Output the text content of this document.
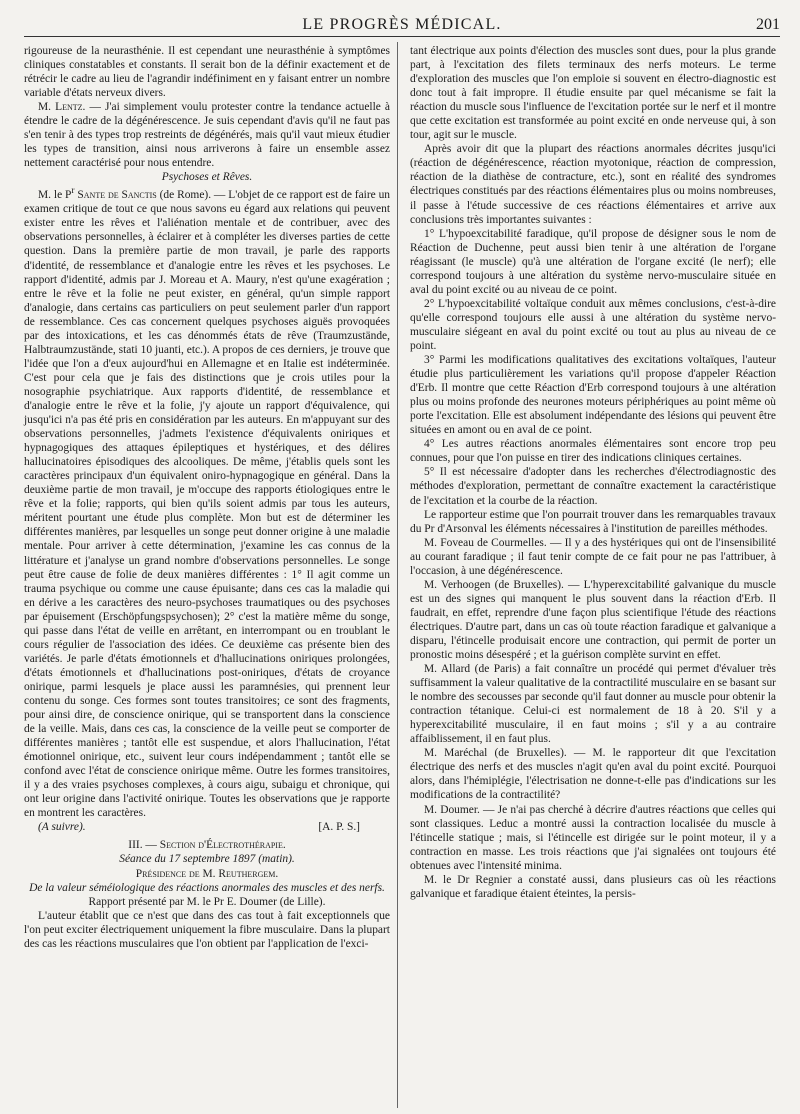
LE PROGRÈS MÉDICAL.	201

rigoureuse de la neurasthénie. Il est cependant une neurasthénie à symptômes cliniques constatables et constants. Il serait bon de la définir exactement et de rétrécir le cadre au lieu de l'agrandir indéfiniment en y faisant entrer un nombre variable d'états nerveux divers.

M. Lentz. — J'ai simplement voulu protester contre la tendance actuelle à étendre le cadre de la dégénérescence. Je suis cependant d'avis qu'il ne faut pas s'en tenir à des types trop restreints de dégénérés, mais qu'il vaut mieux étudier les types de transition, ainsi nous arriverons à faire un ensemble assez nettement caractérisé pour nous entendre.

Psychoses et Rêves.

M. le $P^r$ Sante de Sanctis (de Rome). — L'objet de ce rapport est de faire un examen critique de tout ce que nous savons eu égard aux relations qui peuvent exister entre les rêves et l'aliénation mentale et de contribuer, avec des observations personnelles, à éclairer et à compléter les diverses parties de cette question. Dans la première partie de mon travail, je parle des rapports d'identité, de ressemblance et d'analogie entre les rêves et les psychoses. Le rapport d'identité, admis par J. Moreau et A. Maury, n'est qu'une exagération ; entre le rêve et la folie ne peut exister, en général, qu'un simple rapport d'analogie, dans certains cas particuliers on peut seulement parler d'un rapport de ressemblance. Ces cas concernent quelques psychoses aiguës provoquées par des intoxications, et les cas dénommés états de rêve (Traumzustände, Halbtraumzustände, stati 10 juanti, etc.). A propos de ces derniers, je trouve que l'idée que l'on a d'eux aujourd'hui en Allemagne et en Italie est indéterminée. C'est pour cela que je fais des distinctions que je crois utiles pour la nosographie psychiatrique. Aux rapports d'identité, de ressemblance et d'analogie entre le rêve et la folie, j'y ajoute un rapport d'équivalence, qui jusqu'ici n'a pas été pris en considération par les auteurs. En m'appuyant sur des observations personnelles, j'admets l'existence d'équivalents oniriques et hypnagogiques des attaques épileptiques et hystériques, et des délires hallucinatoires épisodiques des alcooliques. De même, j'établis quels sont les caractères principaux d'un équivalent oniro-hypnagogique en général. Dans la deuxième partie de mon travail, je m'occupe des rapports étiologiques entre le rêve et la folie; rapports, qui bien qu'ils soient admis par tous les auteurs, méritent pourtant une étude plus complète. Mon but est de déterminer les différentes manières, par lesquelles un songe peut donner origine à une maladie mentale. Pour arriver à cette détermination, j'examine les cas connus de la littérature et j'analyse un grand nombre d'observations personnelles. Le songe peut être cause de folie de deux manières différentes : 1° Il agit comme un trauma psychique ou comme une cause épuisante; dans ces cas la maladie qui en dérive a les caractères des neuro-psychoses traumatiques ou des psychoses par épuisement (Erschöpfungspsychosen); 2° c'est la matière même du songe, qui passe dans l'état de veille en arrêtant, en interrompant ou en troublant le cours régulier de l'association des idées. Ce deuxième cas présente bien des variétés. Je parle d'états émotionnels et d'hallucinations oniriques prolongées, d'états émotionnels et d'hallucinations post-oniriques, d'états de croyance onirique, parmi lesquels je place aussi les paramnésies, qui prennent leur contenu du songe. Ces formes sont toutes transitoires; ce sont des fragments, pour ainsi dire, de conscience onirique, qui se transportent dans la conscience de la veille. Mais, dans ces cas, la conscience de la veille peut se comporter de différentes manières ; tantôt elle est suspendue, et alors l'hallucination, l'état émotionnel onirique, etc., suivent leur cours indépendamment ; tantôt elle se confond avec l'état de conscience onirique même. Outre les formes transitoires, il y a des vraies psychoses complexes, à cours aigu, subaigu et chronique, qui ont leur origine dans l'activité onirique. Toutes les observations que je rapporte en montrent les caractères.

(A suivre).	[A. P. S.]

III. — Section d'Électrothérapie.

Séance du 17 septembre 1897 (matin).

Présidence de M. Reuthergem.

De la valeur séméiologique des réactions anormales des muscles et des nerfs.

Rapport présenté par M. le Pr E. Doumer (de Lille).

L'auteur établit que ce n'est que dans des cas tout à fait exceptionnels que l'on peut exciter électriquement uniquement la fibre musculaire. Dans la plupart des cas les réactions musculaires que l'on obtient par l'application de l'exci-

tant électrique aux points d'élection des muscles sont dues, pour la plus grande part, à l'excitation des filets terminaux des nerfs moteurs. Le terme d'exploration des muscles que l'on emploie si souvent en électro-diagnostic est donc tout à fait impropre. Il étudie ensuite par quel mécanisme se fait la réaction du muscle sous l'influence de l'excitation portée sur le nerf et il montre que cette excitation est transformée au point excité en onde nerveuse qui, à son tour, agit sur le muscle.

Après avoir dit que la plupart des réactions anormales décrites jusqu'ici (réaction de dégénérescence, réaction myotonique, réaction de compression, réaction de la diathèse de contracture, etc.), sont en réalité des syndromes électriques constitués par des réactions élémentaires plus ou moins nombreuses, il passe à l'étude successive de ces réactions élémentaires et arrive aux conclusions très importantes suivantes :

1° L'hypoexcitabilité faradique, qu'il propose de désigner sous le nom de Réaction de Duchenne, peut aussi bien tenir à une altération de l'organe réagissant (le muscle) qu'à une altération de l'organe excité (le nerf); elle correspond toujours à une altération du système nervo-musculaire située en aval du point excité ou au niveau de ce point.

2° L'hypoexcitabilité voltaïque conduit aux mêmes conclusions, c'est-à-dire qu'elle correspond toujours elle aussi à une altération du système nervo-musculaire siégeant en aval du point excité ou tout au plus au niveau de ce point.

3° Parmi les modifications qualitatives des excitations voltaïques, l'auteur étudie plus particulièrement les variations qu'il propose d'appeler Réaction d'Erb. Il montre que cette Réaction d'Erb correspond toujours à une altération plus ou moins profonde des neurones moteurs périphériques au point même où porte l'excitation. Elle est absolument indépendante des lésions qui peuvent être situées en amont ou en aval de ce point.

4° Les autres réactions anormales élémentaires sont encore trop peu connues, pour que l'on puisse en tirer des indications cliniques certaines.

5° Il est nécessaire d'adopter dans les recherches d'électrodiagnostic des méthodes d'exploration, permettant de connaître exactement la caractéristique de l'excitation et la courbe de la réaction.

Le rapporteur estime que l'on pourrait trouver dans les remarquables travaux du Pr d'Arsonval les éléments nécessaires à l'institution de pareilles méthodes.

M. Foveau de Courmelles. — Il y a des hystériques qui ont de l'insensibilité au courant faradique ; il faut tenir compte de ce fait pour ne pas l'attribuer, à l'occasion, à une dégénérescence.

M. Verhoogen (de Bruxelles). — L'hyperexcitabilité galvanique du muscle est un des signes qui manquent le plus souvent dans la réaction d'Erb. Il faudrait, en effet, reprendre d'une façon plus scientifique l'étude des réactions électriques. D'autre part, dans un cas où toute réaction faradique et galvanique a disparu, l'étincelle produisait encore une contraction, qui permit de porter un pronostic moins désespéré ; et la guérison complète survint en effet.

M. Allard (de Paris) a fait connaître un procédé qui permet d'évaluer très suffisamment la valeur qualitative de la contractilité musculaire en se basant sur le nombre des secousses par seconde qu'il faut donner au muscle pour obtenir la contraction tétanique. Celui-ci est normalement de 18 à 20. S'il y a hyperexcitabilité musculaire, il en faut moins ; s'il y a au contraire affaiblissement, il en faut plus.

M. Maréchal (de Bruxelles). — M. le rapporteur dit que l'excitation électrique des nerfs et des muscles n'agit qu'en aval du point excité. Pourquoi alors, dans l'hémiplégie, l'électrisation ne donne-t-elle pas d'indications sur les modifications de la contractilité?

M. Doumer. — Je n'ai pas cherché à décrire d'autres réactions que celles qui sont classiques. Leduc a montré aussi la contraction localisée du muscle à l'étincelle statique ; mais, si l'étincelle est dirigée sur le point moteur, il y a contraction en masse. Les trois réactions que j'ai signalées ont toujours été obtenues avec l'intensité minima.

M. le Dr Regnier a constaté aussi, dans plusieurs cas où les réactions galvanique et faradique étaient éteintes, la persis-
